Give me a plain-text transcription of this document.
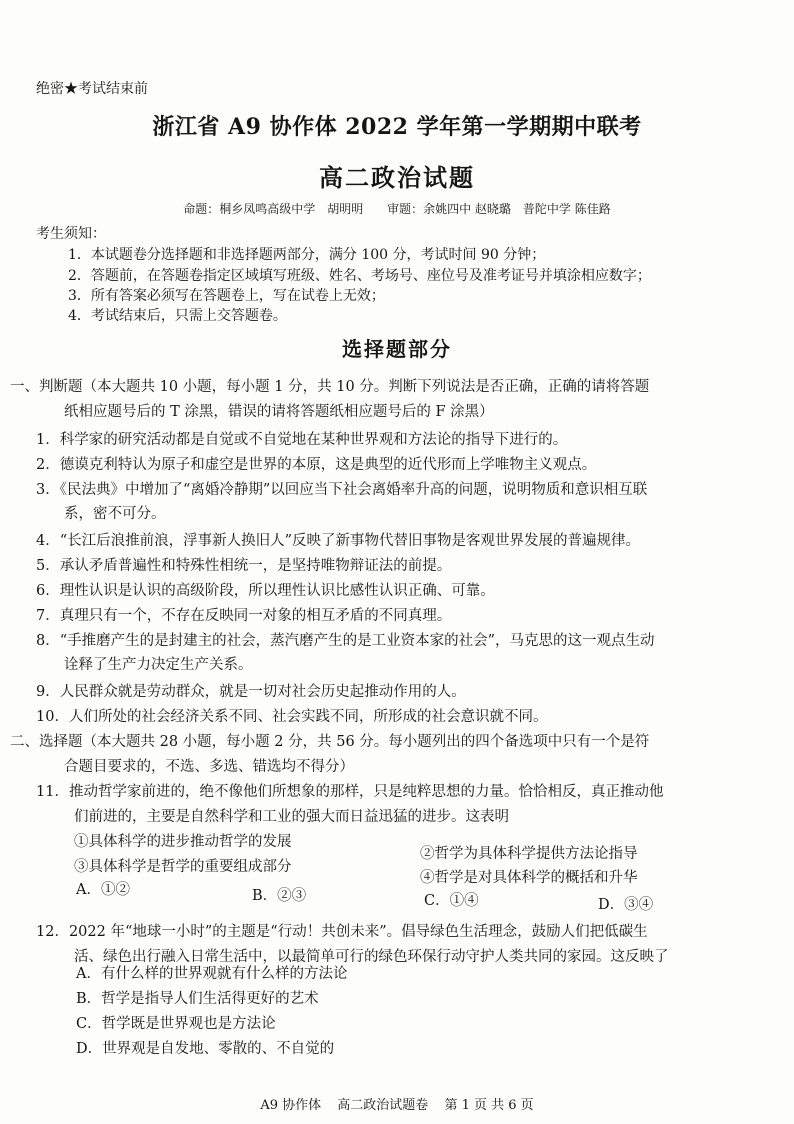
绝密★考试结束前
浙江省 A9 协作体 2022 学年第一学期期中联考
高二政治试题
命题：桐乡凤鸣高级中学　胡明明 审题：余姚四中 赵晓璐　普陀中学 陈佳路
考生须知：
1．本试题卷分选择题和非选择题两部分，满分 100 分，考试时间 90 分钟；
2．答题前，在答题卷指定区域填写班级、姓名、考场号、座位号及准考证号并填涂相应数字；
3．所有答案必须写在答题卷上，写在试卷上无效；
4．考试结束后，只需上交答题卷。
选择题部分
一、判断题（本大题共 10 小题，每小题 1 分，共 10 分。判断下列说法是否正确，正确的请将答题
纸相应题号后的 T 涂黑，错误的请将答题纸相应题号后的 F 涂黑）
1．科学家的研究活动都是自觉或不自觉地在某种世界观和方法论的指导下进行的。
2．德谟克利特认为原子和虚空是世界的本原，这是典型的近代形而上学唯物主义观点。
3．《民法典》中增加了“离婚冷静期”以回应当下社会离婚率升高的问题，说明物质和意识相互联
系，密不可分。
4．“长江后浪推前浪，浮事新人换旧人”反映了新事物代替旧事物是客观世界发展的普遍规律。
5．承认矛盾普遍性和特殊性相统一，是坚持唯物辩证法的前提。
6．理性认识是认识的高级阶段，所以理性认识比感性认识正确、可靠。
7．真理只有一个，不存在反映同一对象的相互矛盾的不同真理。
8．“手推磨产生的是封建主的社会，蒸汽磨产生的是工业资本家的社会”，马克思的这一观点生动
诠释了生产力决定生产关系。
9．人民群众就是劳动群众，就是一切对社会历史起推动作用的人。
10．人们所处的社会经济关系不同、社会实践不同，所形成的社会意识就不同。
二、选择题（本大题共 28 小题，每小题 2 分，共 56 分。每小题列出的四个备选项中只有一个是符
合题目要求的，不选、多选、错选均不得分）
11．推动哲学家前进的，绝不像他们所想象的那样，只是纯粹思想的力量。恰恰相反，真正推动他
们前进的，主要是自然科学和工业的强大而日益迅猛的进步。这表明
①具体科学的进步推动哲学的发展
②哲学为具体科学提供方法论指导
③具体科学是哲学的重要组成部分
④哲学是对具体科学的概括和升华
A．①②	B．②③	C．①④	D．③④
12．2022 年“地球一小时”的主题是“行动！共创未来”。倡导绿色生活理念，鼓励人们把低碳生
活、绿色出行融入日常生活中，以最简单可行的绿色环保行动守护人类共同的家园。这反映了
A．有什么样的世界观就有什么样的方法论
B．哲学是指导人们生活得更好的艺术
C．哲学既是世界观也是方法论
D．世界观是自发地、零散的、不自觉的
A9 协作体 高二政治试题卷 第 1 页 共 6 页
